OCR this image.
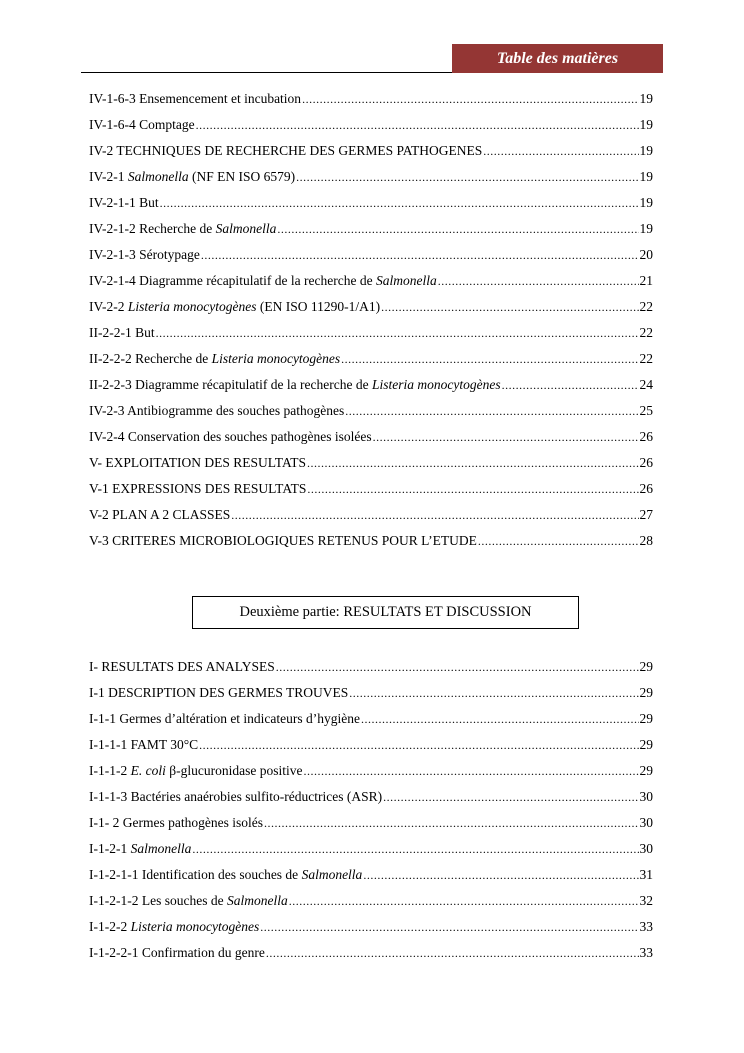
Table des matières
IV-1-6-3 Ensemencement et incubation .....	19
IV-1-6-4 Comptage .....	19
IV-2 TECHNIQUES DE RECHERCHE DES GERMES PATHOGENES .....	19
IV-2-1 Salmonella (NF EN ISO 6579) .....	19
IV-2-1-1 But .....	19
IV-2-1-2 Recherche de Salmonella .....	19
IV-2-1-3 Sérotypage .....	20
IV-2-1-4 Diagramme récapitulatif de la recherche de Salmonella .....	21
IV-2-2 Listeria monocytogènes (EN ISO 11290-1/A1) .....	22
II-2-2-1 But .....	22
II-2-2-2 Recherche de Listeria monocytogènes .....	22
II-2-2-3 Diagramme récapitulatif de la recherche de Listeria monocytogènes .....	24
IV-2-3 Antibiogramme des souches pathogènes .....	25
IV-2-4 Conservation des souches pathogènes isolées .....	26
V- EXPLOITATION DES RESULTATS .....	26
V-1 EXPRESSIONS DES RESULTATS .....	26
V-2 PLAN A 2 CLASSES .....	27
V-3 CRITERES MICROBIOLOGIQUES RETENUS POUR L’ETUDE .....	28
Deuxième partie: RESULTATS ET DISCUSSION
I- RESULTATS DES ANALYSES .....	29
I-1 DESCRIPTION DES GERMES TROUVES .....	29
I-1-1 Germes d’altération et indicateurs d’hygiène .....	29
I-1-1-1 FAMT 30°C .....	29
I-1-1-2 E. coli β-glucuronidase positive .....	29
I-1-1-3 Bactéries anaérobies sulfito-réductrices (ASR) .....	30
I-1- 2 Germes pathogènes isolés .....	30
I-1-2-1 Salmonella .....	30
I-1-2-1-1 Identification des souches de Salmonella .....	31
I-1-2-1-2 Les souches de Salmonella .....	32
I-1-2-2 Listeria monocytogènes .....	33
I-1-2-2-1 Confirmation du genre .....	33
